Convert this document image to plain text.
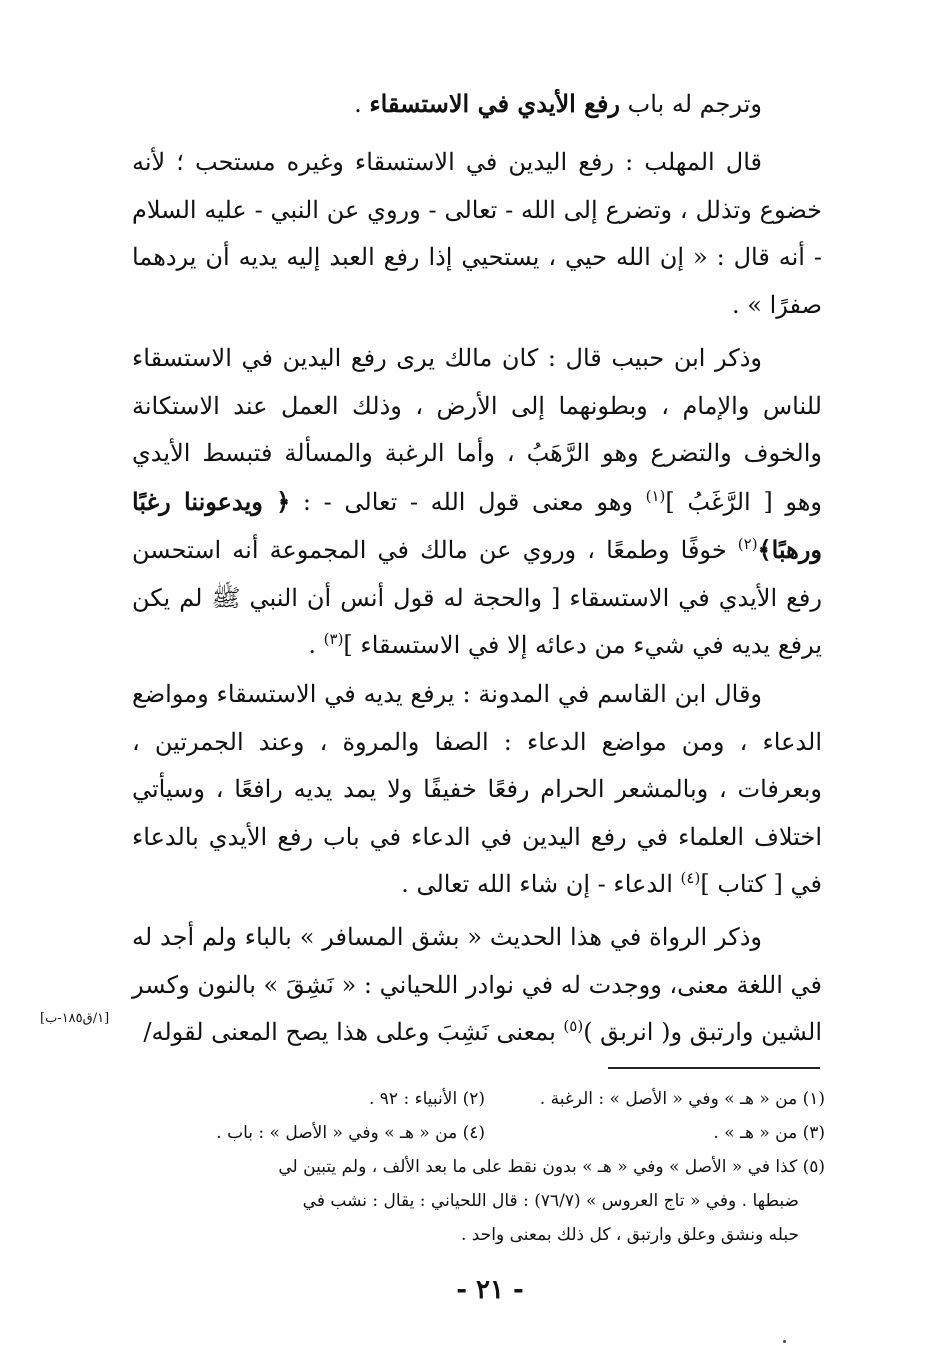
وترجم له باب رفع الأيدي في الاستسقاء .

قال المهلب : رفع اليدين في الاستسقاء وغيره مستحب ؛ لأنه خضوع وتذلل ، وتضرع إلى الله - تعالى - وروي عن النبي - عليه السلام - أنه قال : « إن الله حيي ، يستحيي إذا رفع العبد إليه يديه أن يردهما صفرًا » .

وذكر ابن حبيب قال : كان مالك يرى رفع اليدين في الاستسقاء للناس والإمام ، وبطونهما إلى الأرض ، وذلك العمل عند الاستكانة والخوف والتضرع وهو الرَّهَبُ ، وأما الرغبة والمسألة فتبسط الأيدي وهو [ الرَّغَبُ ]$^{(١)}$ وهو معنى قول الله - تعالى - : ﴿ ويدعوننا رغبًا ورهبًا﴾$^{(٢)}$ خوفًا وطمعًا ، وروي عن مالك في المجموعة أنه استحسن رفع الأيدي في الاستسقاء [ والحجة له قول أنس أن النبي ﷺ لم يكن يرفع يديه في شيء من دعائه إلا في الاستسقاء ]$^{(٣)}$ .

وقال ابن القاسم في المدونة : يرفع يديه في الاستسقاء ومواضع الدعاء ، ومن مواضع الدعاء : الصفا والمروة ، وعند الجمرتين ، وبعرفات ، وبالمشعر الحرام رفعًا خفيفًا ولا يمد يديه رافعًا ، وسيأتي اختلاف العلماء في رفع اليدين في الدعاء في باب رفع الأيدي بالدعاء في [ كتاب ]$^{(٤)}$ الدعاء - إن شاء الله تعالى .

وذكر الرواة في هذا الحديث « بشق المسافر » بالباء ولم أجد له في اللغة معنى، ووجدت له في نوادر اللحياني : « نَشِقَ » بالنون وكسر الشين وارتبق و( انربق )$^{(٥)}$ بمعنى نَشِبَ وعلى هذا يصح المعنى لقوله/

[١/ق١٨٥-ب]
(١) من « هـ » وفي « الأصل » : الرغبة .
(٢) الأنبياء : ٩٢ .
(٣) من « هـ » .
(٤) من « هـ » وفي « الأصل » : باب .

(٥) كذا في « الأصل » وفي « هـ » بدون نقط على ما بعد الألف ، ولم يتبين لي

ضبطها . وفي « تاج العروس » (٧٦/٧) : قال اللحياني : يقال : نشب في

حبله ونشق وعلق وارتبق ، كل ذلك بمعنى واحد .

- ٢١ -
